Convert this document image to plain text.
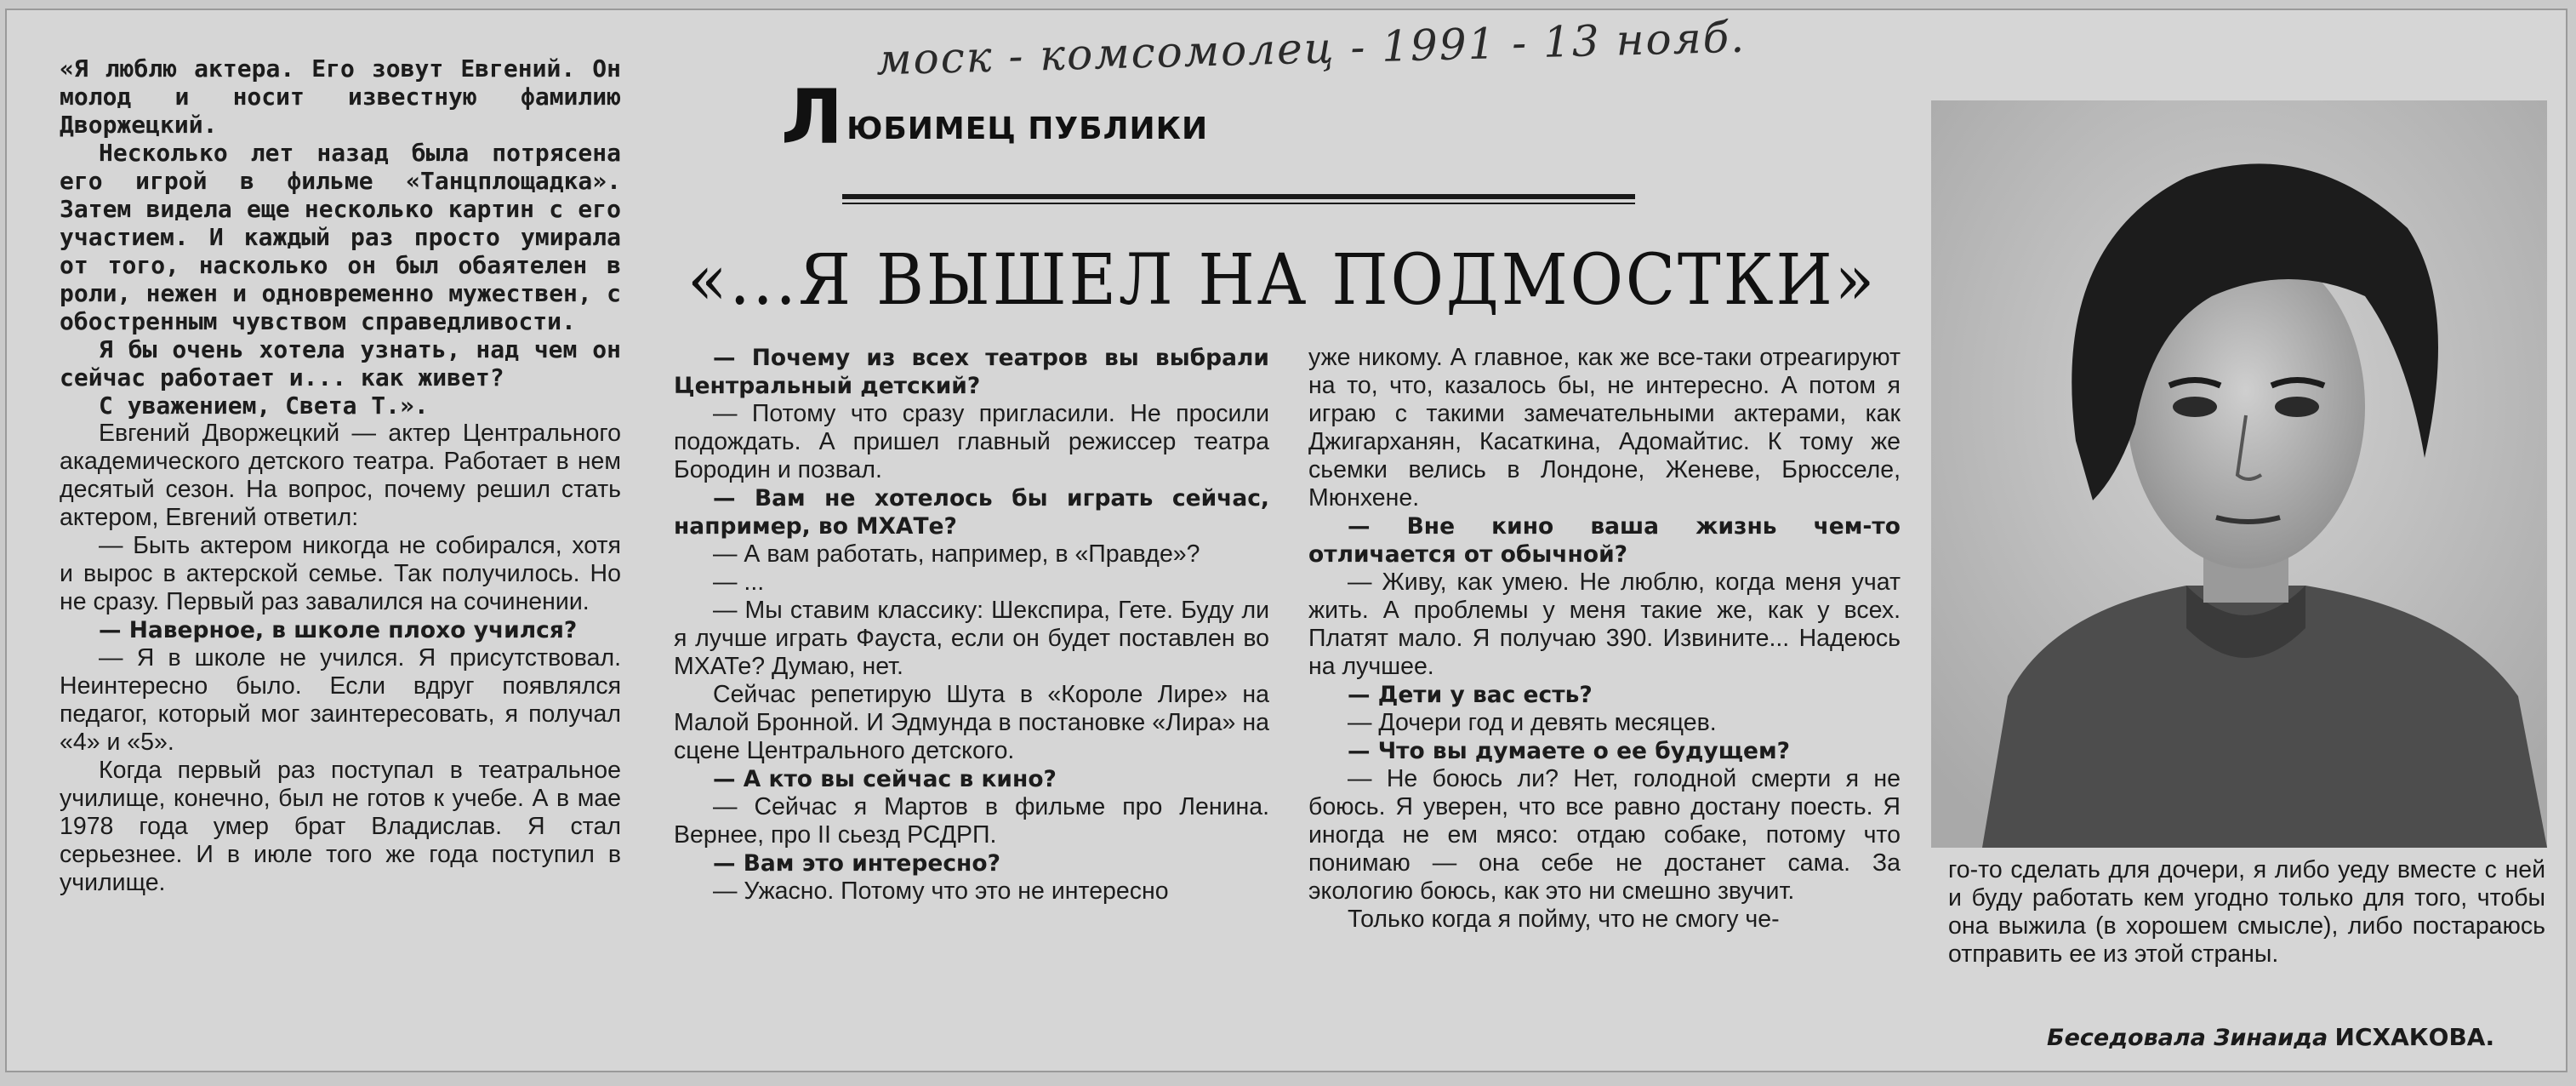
моск - комсомолец - 1991 - 13 нояб.
Л ЮБИМЕЦ ПУБЛИКИ
«...Я ВЫШЕЛ НА ПОДМОСТКИ»

«Я люблю актера. Его зовут Евгений. Он молод и носит известную фамилию Дворжецкий.

Несколько лет назад была потрясена его игрой в фильме «Танцплощадка». Затем видела еще несколько картин с его участием. И каждый раз просто умирала от того, насколько он был обаятелен в роли, нежен и одновременно мужествен, с обостренным чувством справедливости.

Я бы очень хотела узнать, над чем он сейчас работает и... как живет?

С уважением, Света Т.».

Евгений Дворжецкий — актер Центрального академического детского театра. Работает в нем десятый сезон. На вопрос, почему решил стать актером, Евгений ответил:

— Быть актером никогда не собирался, хотя и вырос в актерской семье. Так получилось. Но не сразу. Первый раз завалился на сочинении.

— Наверное, в школе плохо учился?

— Я в школе не учился. Я присутствовал. Неинтересно было. Если вдруг появлялся педагог, который мог заинтересовать, я получал «4» и «5».

Когда первый раз поступал в театральное училище, конечно, был не готов к учебе. А в мае 1978 года умер брат Владислав. Я стал серьезнее. И в июле того же года поступил в училище.

— Почему из всех театров вы выбрали Центральный детский?

— Потому что сразу пригласили. Не просили подождать. А пришел главный режиссер театра Бородин и позвал.

— Вам не хотелось бы играть сейчас, например, во МХАТе?

— А вам работать, например, в «Правде»?

— ...

— Мы ставим классику: Шекспира, Гете. Буду ли я лучше играть Фауста, если он будет поставлен во МХАТе? Думаю, нет.

Сейчас репетирую Шута в «Короле Лире» на Малой Бронной. И Эдмунда в постановке «Лира» на сцене Центрального детского.

— А кто вы сейчас в кино?

— Сейчас я Мартов в фильме про Ленина. Вернее, про II сьезд РСДРП.

— Вам это интересно?

— Ужасно. Потому что это не интересно

уже никому. А главное, как же все-таки отреагируют на то, что, казалось бы, не интересно. А потом я играю с такими замечательными актерами, как Джигарханян, Касаткина, Адомайтис. К тому же сьемки велись в Лондоне, Женеве, Брюсселе, Мюнхене.

— Вне кино ваша жизнь чем-то отличается от обычной?

— Живу, как умею. Не люблю, когда меня учат жить. А проблемы у меня такие же, как у всех. Платят мало. Я получаю 390. Извините... Надеюсь на лучшее.

— Дети у вас есть?

— Дочери год и девять месяцев.

— Что вы думаете о ее будущем?

— Не боюсь ли? Нет, голодной смерти я не боюсь. Я уверен, что все равно достану поесть. Я иногда не ем мясо: отдаю собаке, потому что понимаю — она себе не достанет сама. За экологию боюсь, как это ни смешно звучит.

Только когда я пойму, что не смогу че-

го-то сделать для дочери, я либо уеду вместе с ней и буду работать кем угодно только для того, чтобы она выжила (в хорошем смысле), либо постараюсь отправить ее из этой страны.

Беседовала Зинаида ИСХАКОВА.
